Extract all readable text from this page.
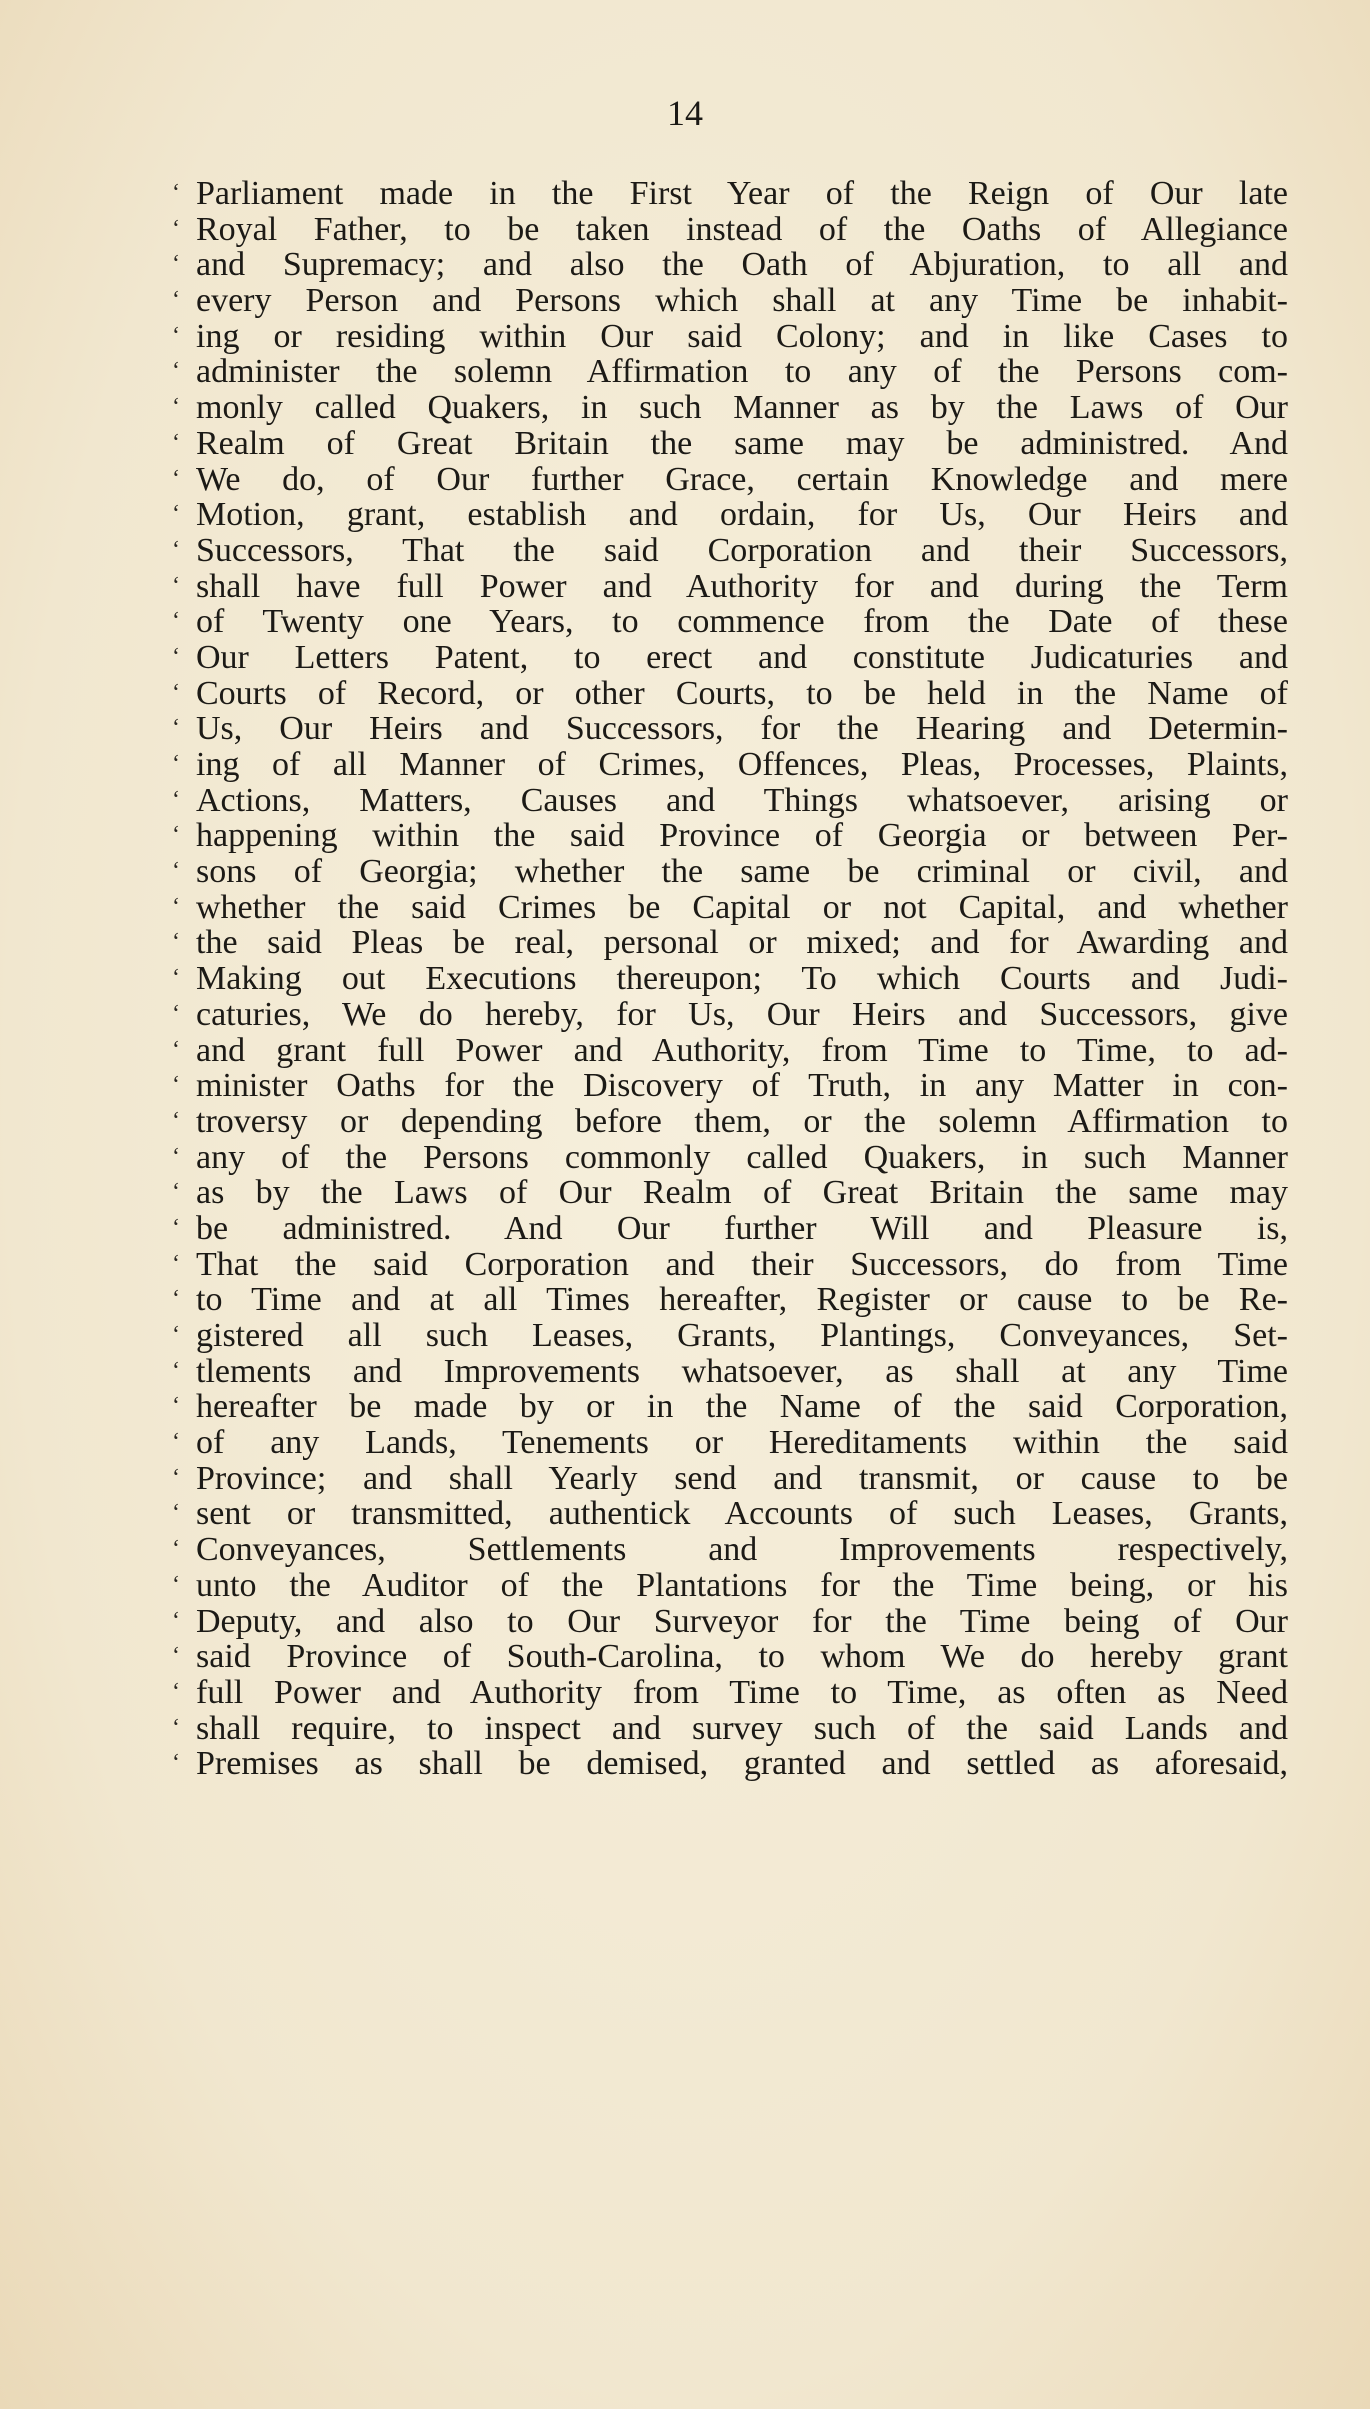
14
‘ Parliament made in the First Year of the Reign of Our late
‘ Royal Father, to be taken instead of the Oaths of Allegiance
‘ and Supremacy; and also the Oath of Abjuration, to all and
‘ every Person and Persons which shall at any Time be inhabit-
‘ ing or residing within Our said Colony; and in like Cases to
‘ administer the solemn Affirmation to any of the Persons com-
‘ monly called Quakers, in such Manner as by the Laws of Our
‘ Realm of Great Britain the same may be administred. And
‘ We do, of Our further Grace, certain Knowledge and mere
‘ Motion, grant, establish and ordain, for Us, Our Heirs and
‘ Successors, That the said Corporation and their Successors,
‘ shall have full Power and Authority for and during the Term
‘ of Twenty one Years, to commence from the Date of these
‘ Our Letters Patent, to erect and constitute Judicaturies and
‘ Courts of Record, or other Courts, to be held in the Name of
‘ Us, Our Heirs and Successors, for the Hearing and Determin-
‘ ing of all Manner of Crimes, Offences, Pleas, Processes, Plaints,
‘ Actions, Matters, Causes and Things whatsoever, arising or
‘ happening within the said Province of Georgia or between Per-
‘ sons of Georgia; whether the same be criminal or civil, and
‘ whether the said Crimes be Capital or not Capital, and whether
‘ the said Pleas be real, personal or mixed; and for Awarding and
‘ Making out Executions thereupon; To which Courts and Judi-
‘ caturies, We do hereby, for Us, Our Heirs and Successors, give
‘ and grant full Power and Authority, from Time to Time, to ad-
‘ minister Oaths for the Discovery of Truth, in any Matter in con-
‘ troversy or depending before them, or the solemn Affirmation to
‘ any of the Persons commonly called Quakers, in such Manner
‘ as by the Laws of Our Realm of Great Britain the same may
‘ be administred. And Our further Will and Pleasure is,
‘ That the said Corporation and their Successors, do from Time
‘ to Time and at all Times hereafter, Register or cause to be Re-
‘ gistered all such Leases, Grants, Plantings, Conveyances, Set-
‘ tlements and Improvements whatsoever, as shall at any Time
‘ hereafter be made by or in the Name of the said Corporation,
‘ of any Lands, Tenements or Hereditaments within the said
‘ Province; and shall Yearly send and transmit, or cause to be
‘ sent or transmitted, authentick Accounts of such Leases, Grants,
‘ Conveyances, Settlements and Improvements respectively,
‘ unto the Auditor of the Plantations for the Time being, or his
‘ Deputy, and also to Our Surveyor for the Time being of Our
‘ said Province of South-Carolina, to whom We do hereby grant
‘ full Power and Authority from Time to Time, as often as Need
‘ shall require, to inspect and survey such of the said Lands and
‘ Premises as shall be demised, granted and settled as aforesaid,
